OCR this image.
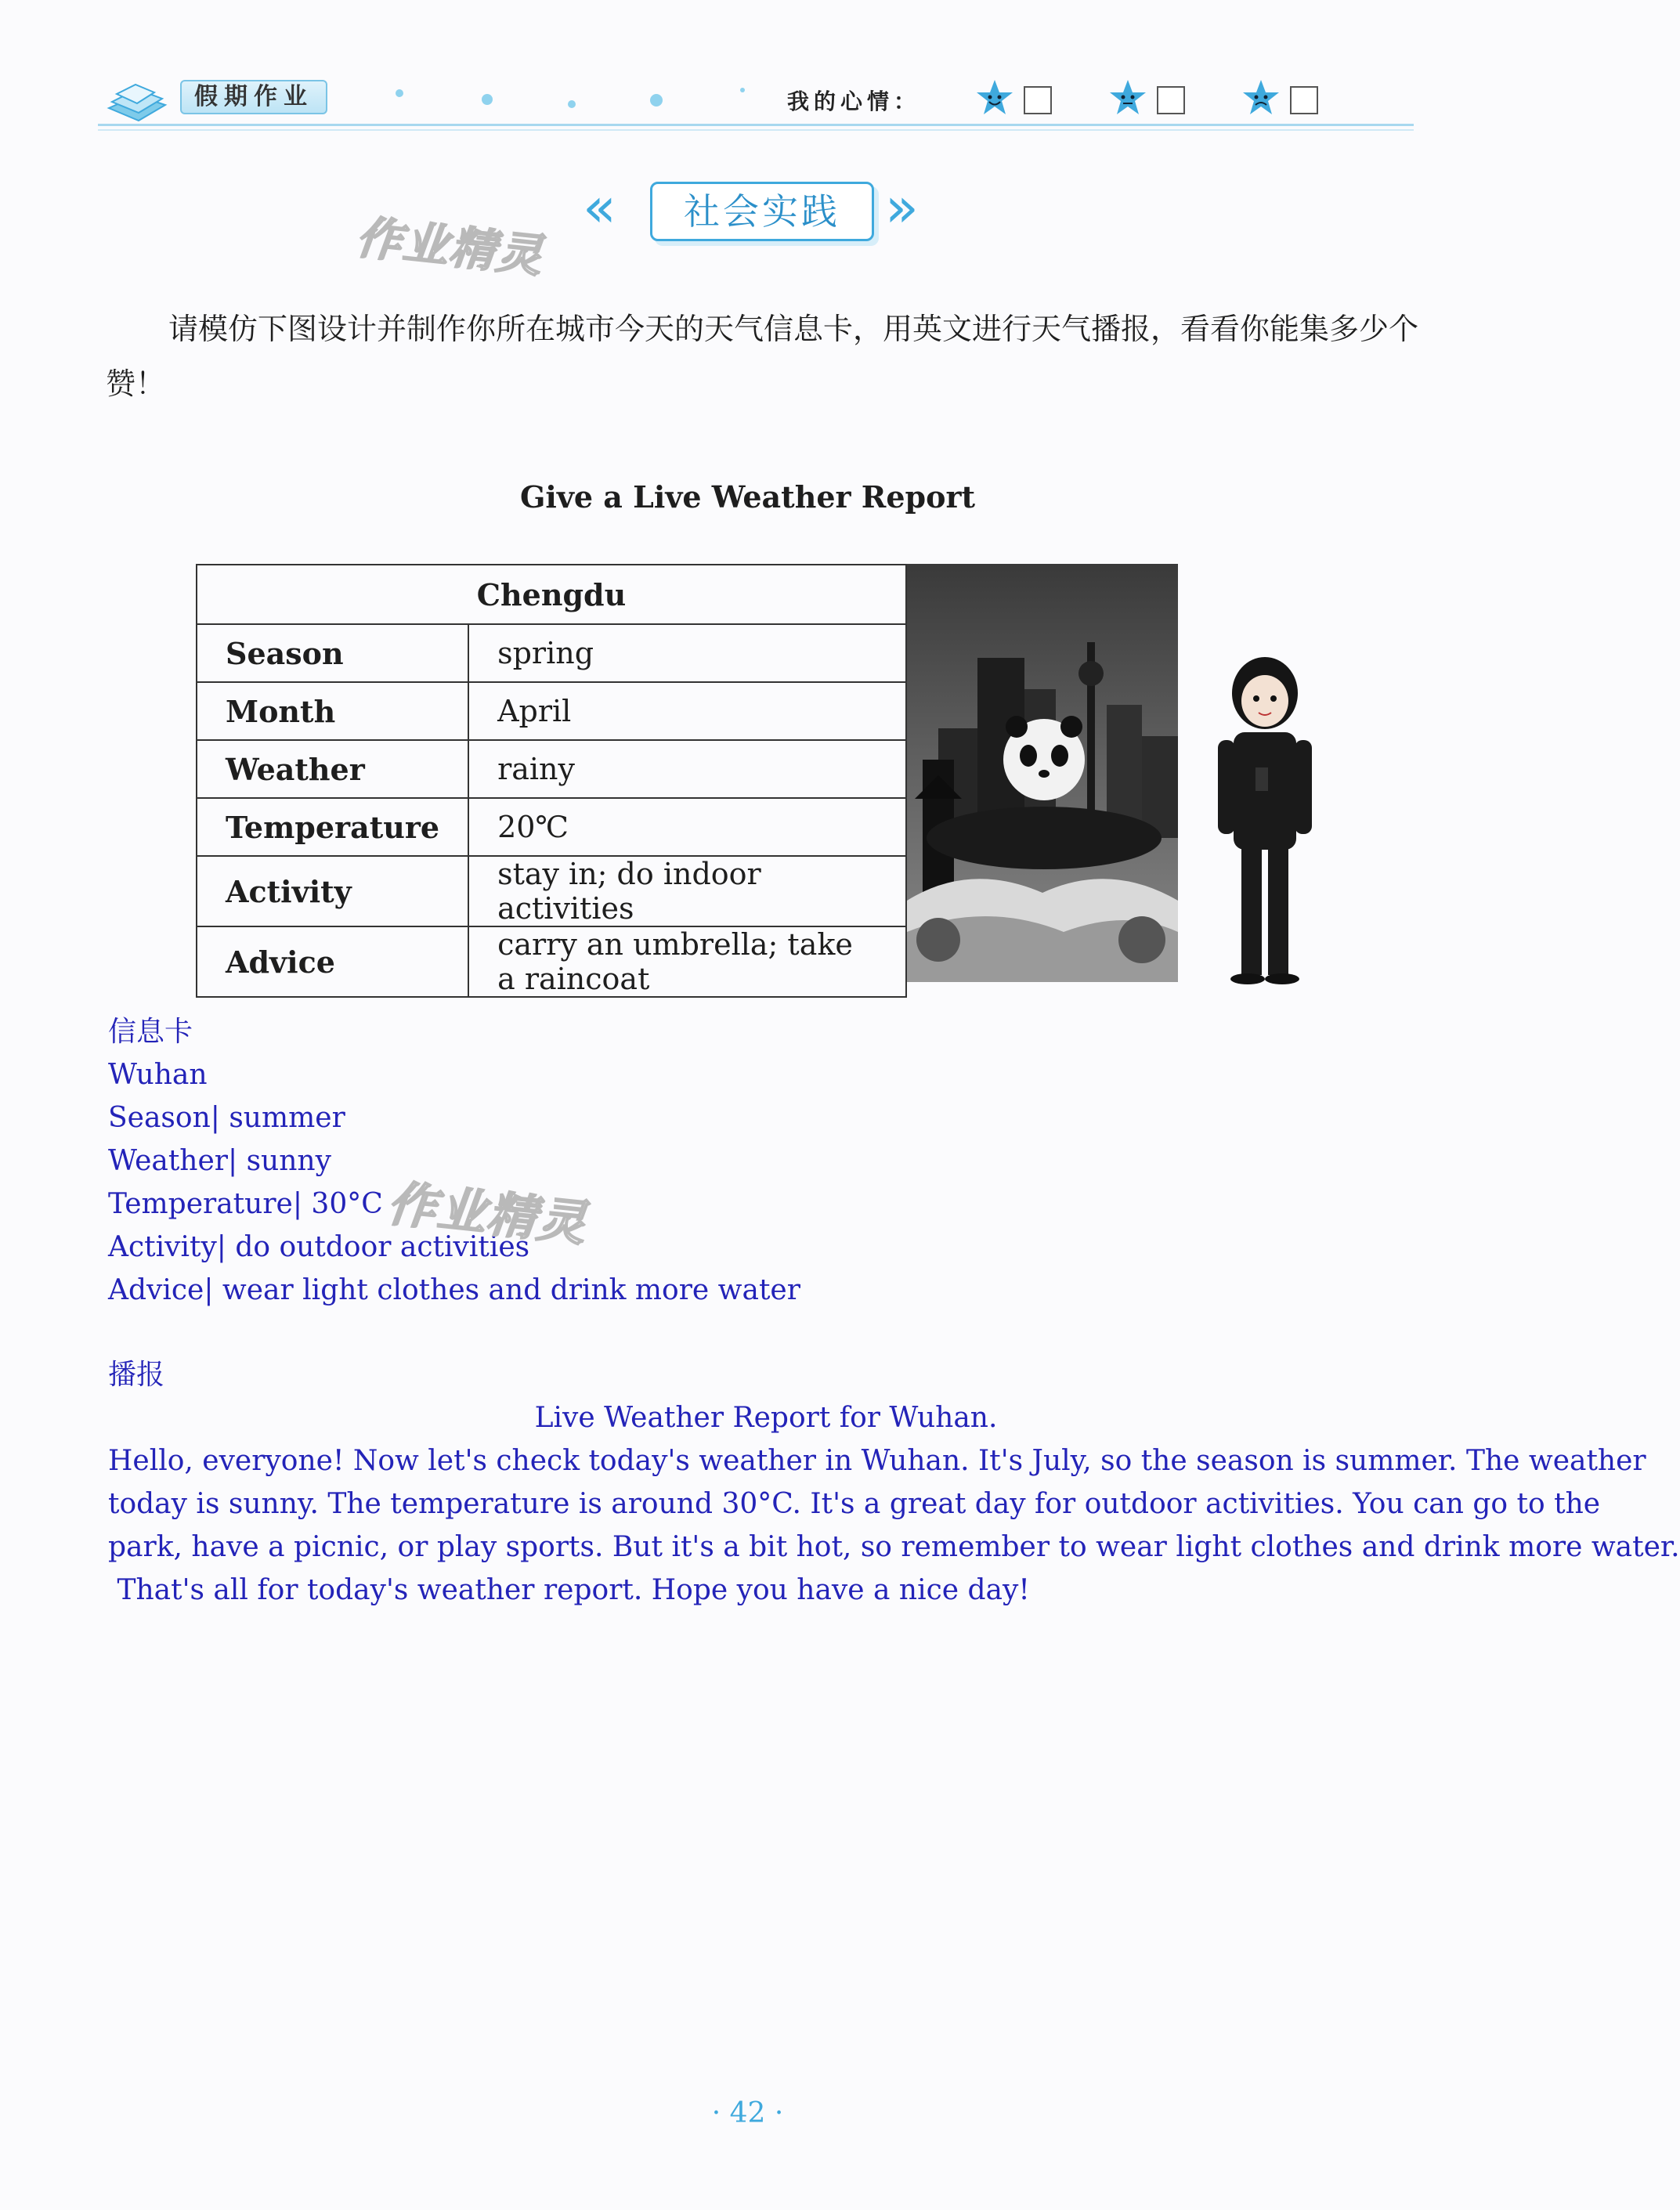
假期作业	我的心情：
«	社会实践 »
作业精灵
请模仿下图设计并制作你所在城市今天的天气信息卡，用英文进行天气播报，看看你能集多少个赞！
Give a Live Weather Report
Chengdu	
Season	spring
Month	April
Weather	rainy
Temperature	20℃
Activity	stay in; do indoor activities
Advice	carry an umbrella; take a raincoat
信息卡
Wuhan
Season| summer
Weather| sunny
Temperature| 30°C
Activity| do outdoor activities
Advice| wear light clothes and drink more water
作业精灵
播报
Live Weather Report for Wuhan.
Hello, everyone! Now let's check today's weather in Wuhan. It's July, so the season is summer. The weather
today is sunny. The temperature is around 30°C. It's a great day for outdoor activities. You can go to the
park, have a picnic, or play sports. But it's a bit hot, so remember to wear light clothes and drink more water.
That's all for today's weather report. Hope you have a nice day!
· 42 ·
